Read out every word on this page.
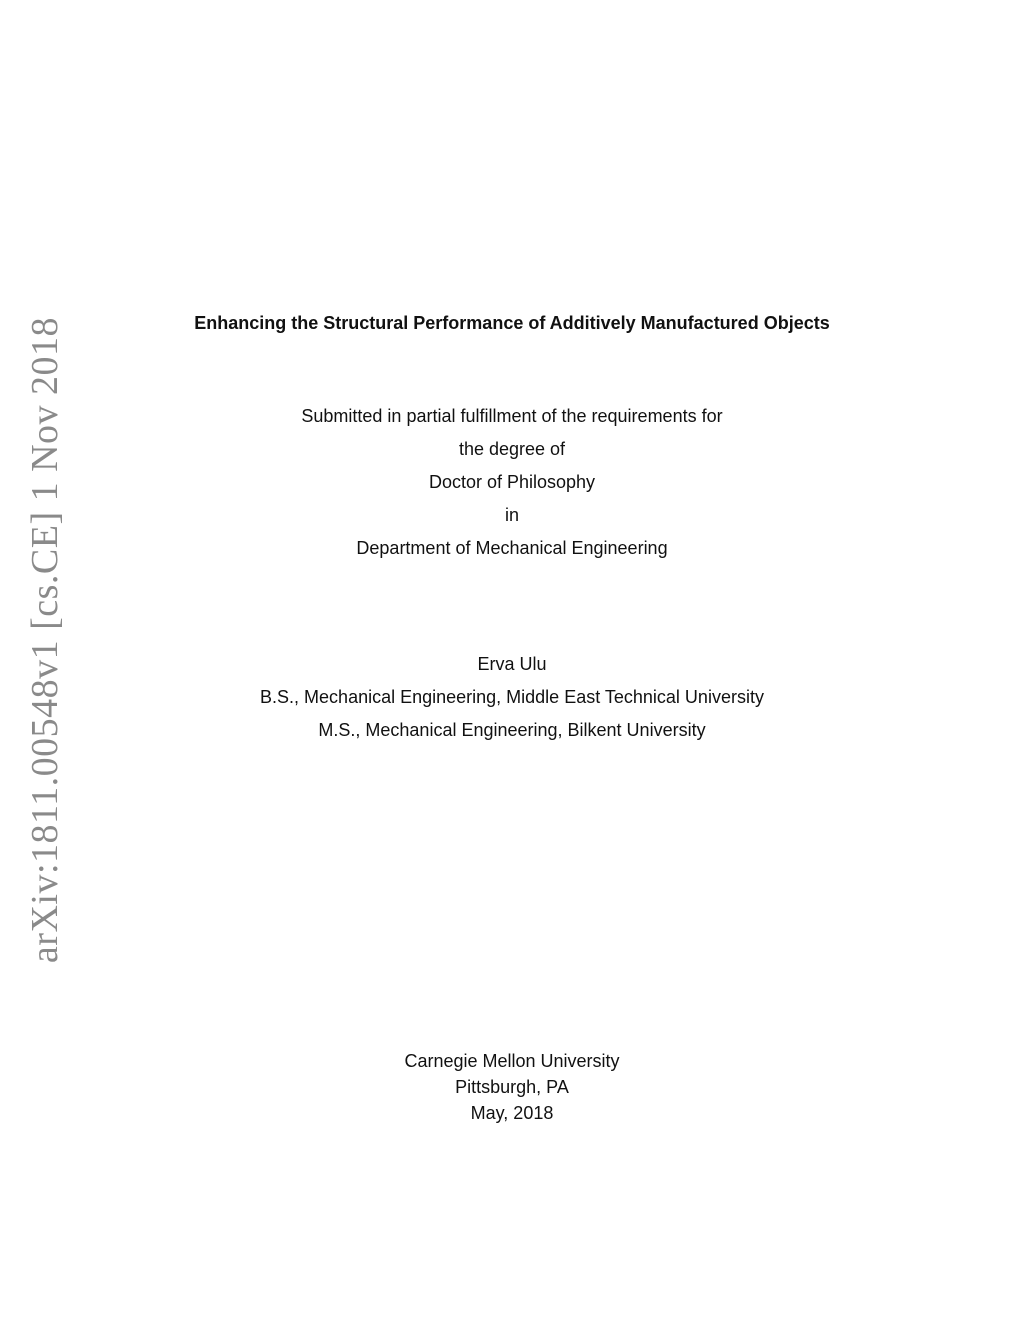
arXiv:1811.00548v1 [cs.CE] 1 Nov 2018	Enhancing the Structural Performance of Additively Manufactured Objects
Submitted in partial fulfillment of the requirements for
the degree of
Doctor of Philosophy
in
Department of Mechanical Engineering
Erva Ulu
B.S., Mechanical Engineering, Middle East Technical University
M.S., Mechanical Engineering, Bilkent University
Carnegie Mellon University
Pittsburgh, PA
May, 2018
